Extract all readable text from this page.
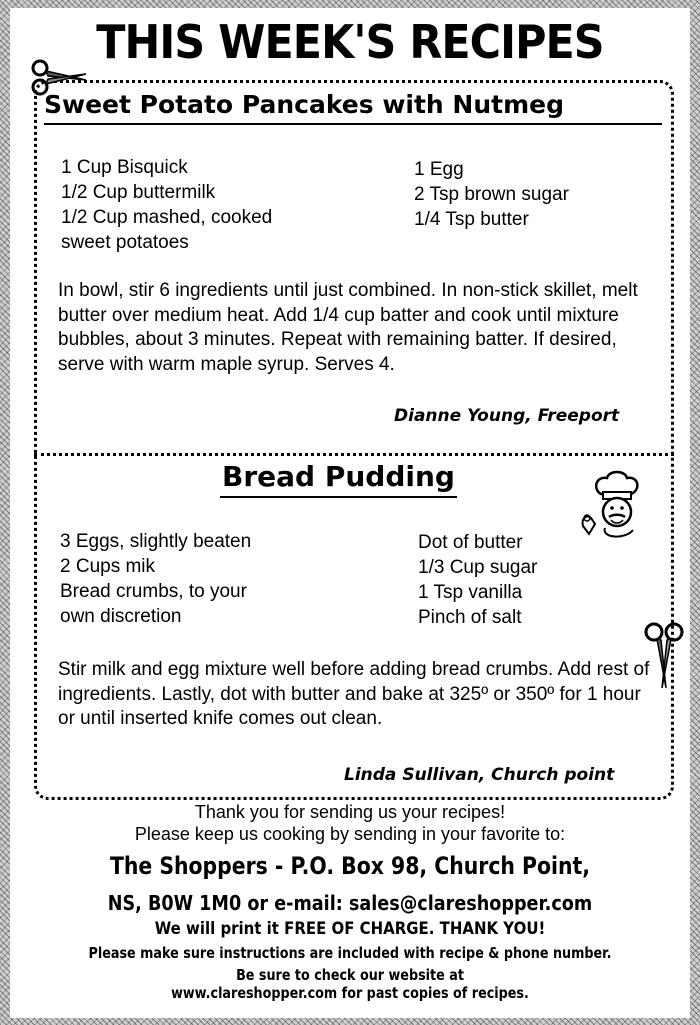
THIS WEEK'S RECIPES
Sweet Potato Pancakes with Nutmeg
1 Cup Bisquick
1/2 Cup buttermilk
1/2 Cup mashed, cooked
sweet potatoes
1 Egg
2 Tsp brown sugar
1/4 Tsp butter
In bowl, stir 6 ingredients until just combined. In non-stick skillet, melt butter over medium heat. Add 1/4 cup batter and cook until mixture bubbles, about 3 minutes. Repeat with remaining batter. If desired, serve with warm maple syrup. Serves 4.
Dianne Young, Freeport
Bread Pudding
3 Eggs, slightly beaten
2 Cups mik
Bread crumbs, to your
own discretion
Dot of butter
1/3 Cup sugar
1 Tsp vanilla
Pinch of salt
Stir milk and egg mixture well before adding bread crumbs. Add rest of ingredients. Lastly, dot with butter and bake at 325º or 350º for 1 hour or until inserted knife comes out clean.
Linda Sullivan, Church point
Thank you for sending us your recipes!
Please keep us cooking by sending in your favorite to:
The Shoppers - P.O. Box 98, Church Point,
NS, B0W 1M0 or e-mail: sales@clareshopper.com
We will print it FREE OF CHARGE. THANK YOU!
Please make sure instructions are included with recipe & phone number.
Be sure to check our website at
www.clareshopper.com for past copies of recipes.
